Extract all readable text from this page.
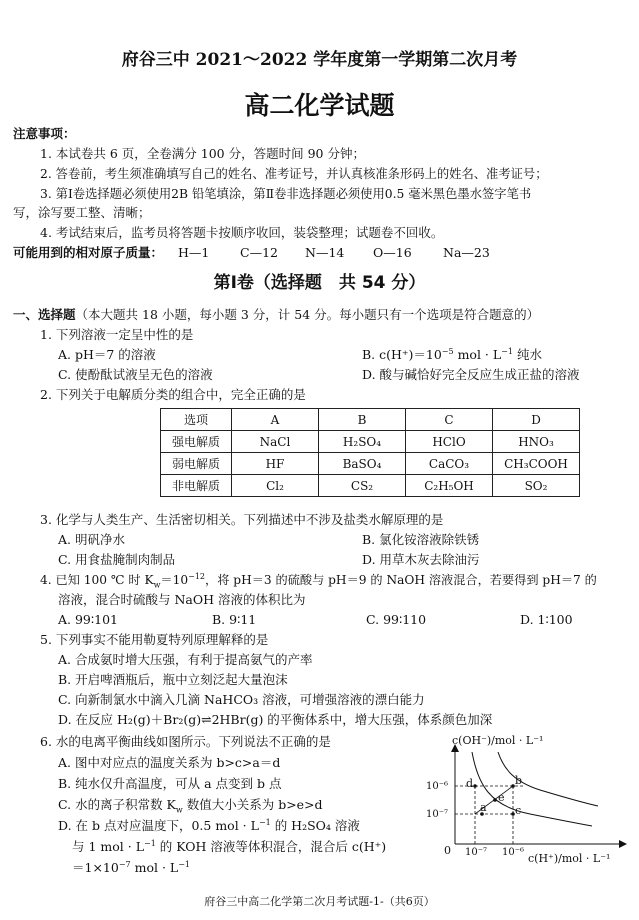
府谷三中 2021～2022 学年度第一学期第二次月考
高二化学试题
注意事项：
1. 本试卷共 6 页，全卷满分 100 分，答题时间 90 分钟；
2. 答卷前，考生须准确填写自己的姓名、准考证号，并认真核准条形码上的姓名、准考证号；
3. 第Ⅰ卷选择题必须使用2B 铅笔填涂，第Ⅱ卷非选择题必须使用0.5 毫米黑色墨水签字笔书
写，涂写要工整、清晰；
4. 考试结束后，监考员将答题卡按顺序收回，装袋整理；试题卷不回收。
可能用到的相对原子质量： H—1 C—12 N—14 O—16	Na—23
第Ⅰ卷（选择题　共 54 分）
一、选择题（本大题共 18 小题，每小题 3 分，计 54 分。每小题只有一个选项是符合题意的）
1. 下列溶液一定呈中性的是
A. pH＝7 的溶液	B. $c(H^+)=10^{-5}$ mol · $L^{-1}$ 纯水
C. 使酚酞试液呈无色的溶液	D. 酸与碱恰好完全反应生成正盐的溶液
2. 下列关于电解质分类的组合中，完全正确的是
选项	A	B	C	D
强电解质	NaCl	H₂SO₄	HClO	HNO₃
弱电解质	HF	BaSO₄	CaCO₃	CH₃COOH
非电解质	Cl₂	CS₂	C₂H₅OH	SO₂
3. 化学与人类生产、生活密切相关。下列描述中不涉及盐类水解原理的是
A. 明矾净水	B. 氯化铵溶液除铁锈
C. 用食盐腌制肉制品	D. 用草木灰去除油污
4. 已知 100 ℃ 时 $K_w=10^{-12}$，将 pH＝3 的硫酸与 pH＝9 的 NaOH 溶液混合，若要得到 pH＝7 的
溶液，混合时硫酸与 NaOH 溶液的体积比为
A. 99∶101	B. 9∶11	C. 99∶110	D. 1∶100
5. 下列事实不能用勒夏特列原理解释的是
A. 合成氨时增大压强，有利于提高氨气的产率
B. 开启啤酒瓶后，瓶中立刻泛起大量泡沫
C. 向新制氯水中滴入几滴 NaHCO₃ 溶液，可增强溶液的漂白能力
D. 在反应 H₂(g)＋Br₂(g)⇌2HBr(g) 的平衡体系中，增大压强，体系颜色加深
6. 水的电离平衡曲线如图所示。下列说法不正确的是
A. 图中对应点的温度关系为 b>c>a＝d
B. 纯水仅升高温度，可从 a 点变到 b 点
C. 水的离子积常数 $K_w$ 数值大小关系为 b>e>d
D. 在 b 点对应温度下，0.5 mol · $L^{-1}$ 的 H₂SO₄ 溶液
与 1 mol · $L^{-1}$ 的 KOH 溶液等体积混合，混合后 c(H⁺)
$=1\times 10^{-7}$ mol · $L^{-1}$
c(OH⁻)/mol · L⁻¹
c(H⁺)/mol · L⁻¹
0
10⁻⁶
10⁻⁷
10⁻⁷ 10⁻⁶
d	b
a
e
c
府谷三中高二化学第二次月考试题-1-（共6页）
